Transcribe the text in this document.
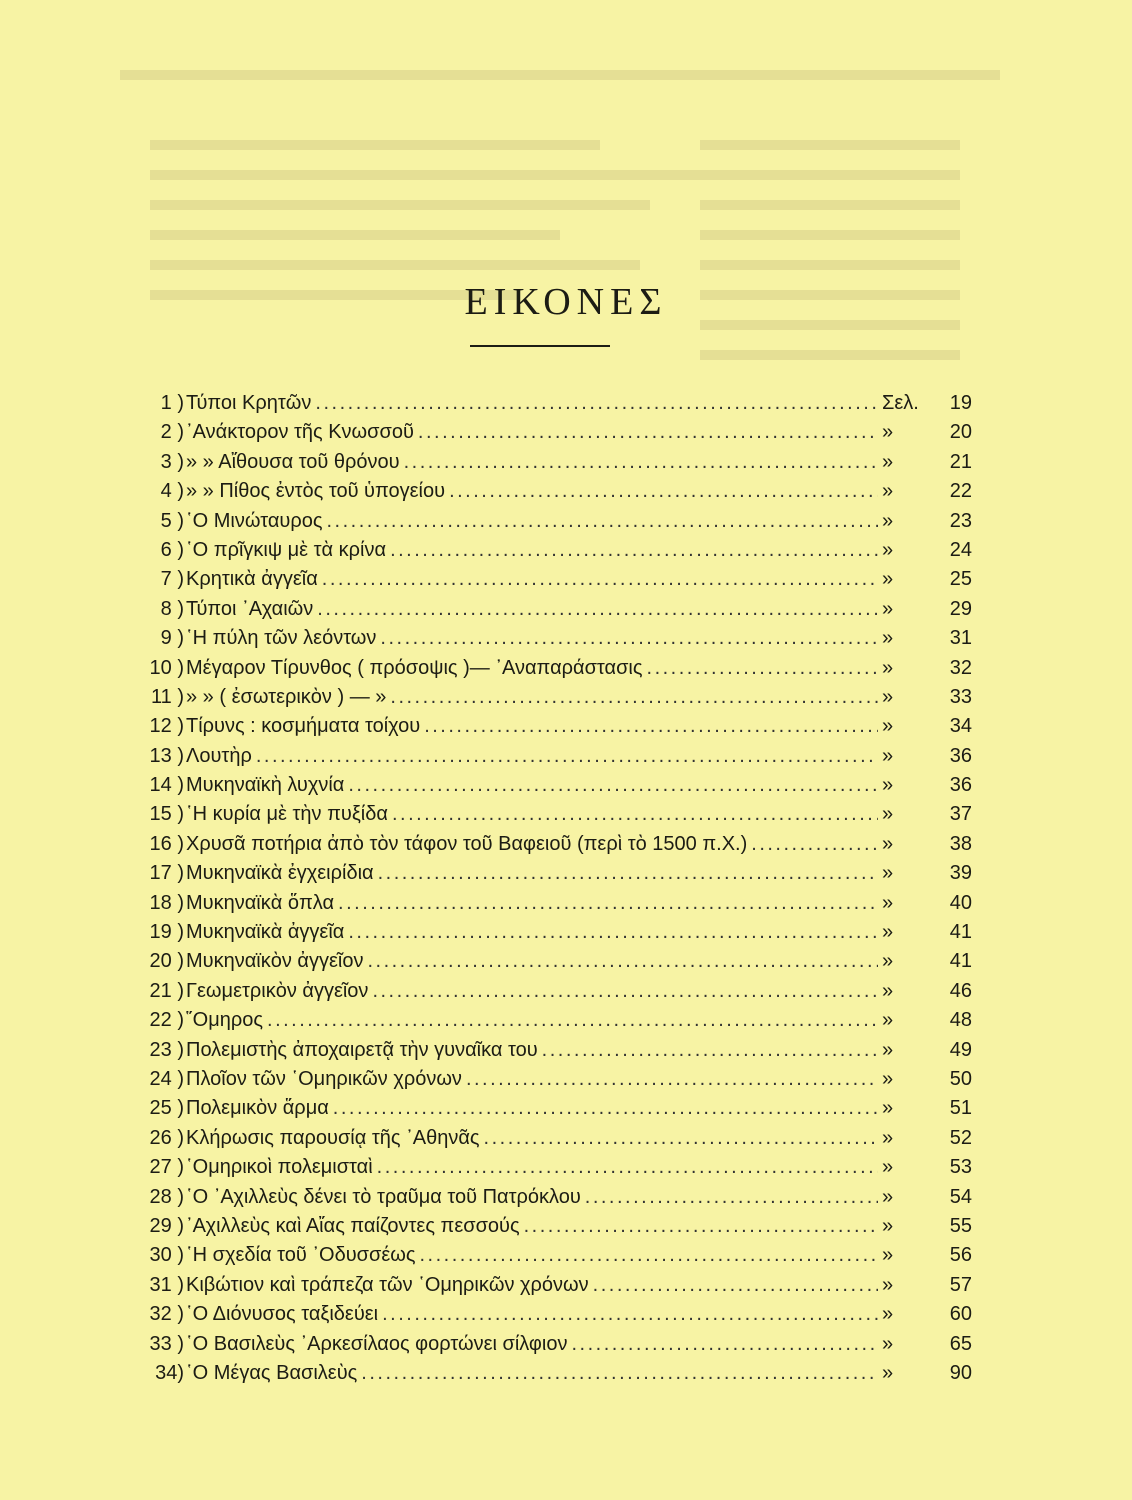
ΕΙΚΟΝΕΣ
1 ) Τύποι Κρητῶν .....	Σελ.	19
2 ) ᾿Ανάκτορον τῆς Κνωσσοῦ .....	»	20
3 ) » » Αἴθουσα τοῦ θρόνου .....	»	21
4 ) » » Πίθος ἐντὸς τοῦ ὑπογείου .....	»	22
5 ) ῾Ο Μινώταυρος .....	»	23
6 ) ῾Ο πρῖγκιψ μὲ τὰ κρίνα .....	»	24
7 ) Κρητικὰ ἀγγεῖα .....	»	25
8 ) Τύποι ᾿Αχαιῶν .....	»	29
9 ) ῾Η πύλη τῶν λεόντων .....	»	31
10 ) Μέγαρον Τίρυνθος ( πρόσοψις )— ᾿Αναπαράστασις .....	»	32
11 ) » » ( ἐσωτερικὸν ) — » .....	»	33
12 ) Τίρυνς : κοσμήματα τοίχου .....	»	34
13 ) Λουτὴρ .....	»	36
14 ) Μυκηναϊκὴ λυχνία .....	»	36
15 ) ῾Η κυρία μὲ τὴν πυξίδα .....	»	37
16 ) Χρυσᾶ ποτήρια ἀπὸ τὸν τάφον τοῦ Βαφειοῦ (περὶ τὸ 1500 π.Χ.) .....	»	38
17 ) Μυκηναϊκὰ ἐγχειρίδια .....	»	39
18 ) Μυκηναϊκὰ ὅπλα .....	»	40
19 ) Μυκηναϊκὰ ἀγγεῖα .....	»	41
20 ) Μυκηναϊκὸν ἀγγεῖον .....	»	41
21 ) Γεωμετρικὸν ἀγγεῖον .....	»	46
22 ) ῞Ομηρος .....	»	48
23 ) Πολεμιστὴς ἀποχαιρετᾷ τὴν γυναῖκα του .....	»	49
24 ) Πλοῖον τῶν ῾Ομηρικῶν χρόνων .....	»	50
25 ) Πολεμικὸν ἅρμα .....	»	51
26 ) Κλήρωσις παρουσίᾳ τῆς ᾿Αθηνᾶς .....	»	52
27 ) ῾Ομηρικοὶ πολεμισταὶ .....	»	53
28 ) ῾Ο ᾿Αχιλλεὺς δένει τὸ τραῦμα τοῦ Πατρόκλου .....	»	54
29 ) ᾿Αχιλλεὺς καὶ Αἴας παίζοντες πεσσούς .....	»	55
30 ) ῾Η σχεδία τοῦ ᾿Οδυσσέως .....	»	56
31 ) Κιβώτιον καὶ τράπεζα τῶν ῾Ομηρικῶν χρόνων .....	»	57
32 ) ῾Ο Διόνυσος ταξιδεύει .....	»	60
33 ) ῾Ο Βασιλεὺς ᾿Αρκεσίλαος φορτώνει σίλφιον .....	»	65
34) ῾Ο Μέγας Βασιλεὺς .....	»	90
